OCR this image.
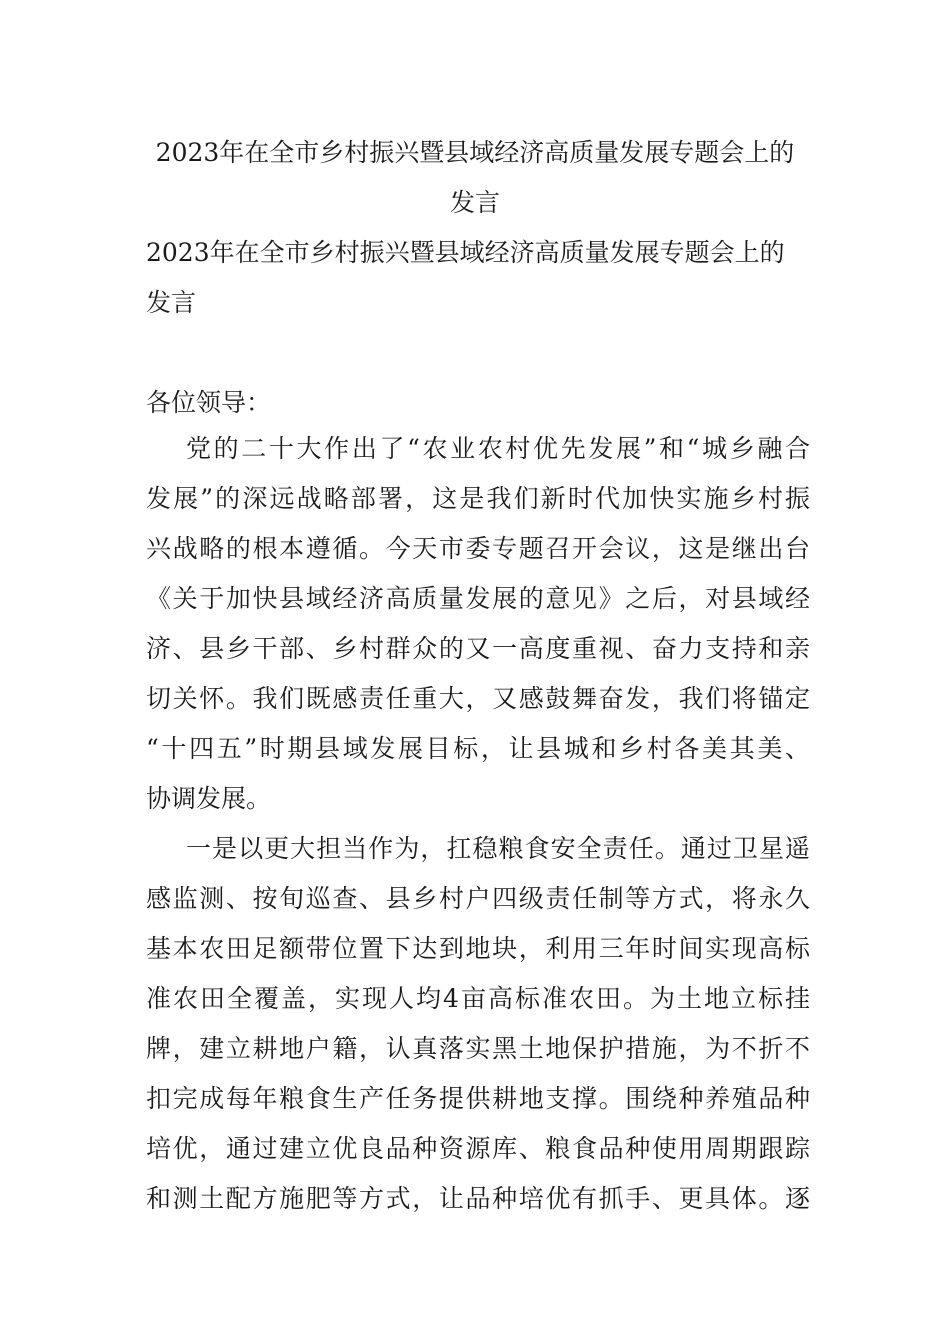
2023年在全市乡村振兴暨县域经济高质量发展专题会上的
发言
2023年在全市乡村振兴暨县域经济高质量发展专题会上的
发言
各位领导：
党的二十大作出了“农业农村优先发展”和“城乡融合
发展”的深远战略部署，这是我们新时代加快实施乡村振
兴战略的根本遵循。今天市委专题召开会议，这是继出台
《关于加快县域经济高质量发展的意见》之后，对县域经
济、县乡干部、乡村群众的又一高度重视、奋力支持和亲
切关怀。我们既感责任重大，又感鼓舞奋发，我们将锚定
“十四五”时期县域发展目标，让县城和乡村各美其美、
协调发展。
一是以更大担当作为，扛稳粮食安全责任。通过卫星遥
感监测、按旬巡查、县乡村户四级责任制等方式，将永久
基本农田足额带位置下达到地块，利用三年时间实现高标
准农田全覆盖，实现人均4亩高标准农田。为土地立标挂
牌，建立耕地户籍，认真落实黑土地保护措施，为不折不
扣完成每年粮食生产任务提供耕地支撑。围绕种养殖品种
培优，通过建立优良品种资源库、粮食品种使用周期跟踪
和测土配方施肥等方式，让品种培优有抓手、更具体。逐
